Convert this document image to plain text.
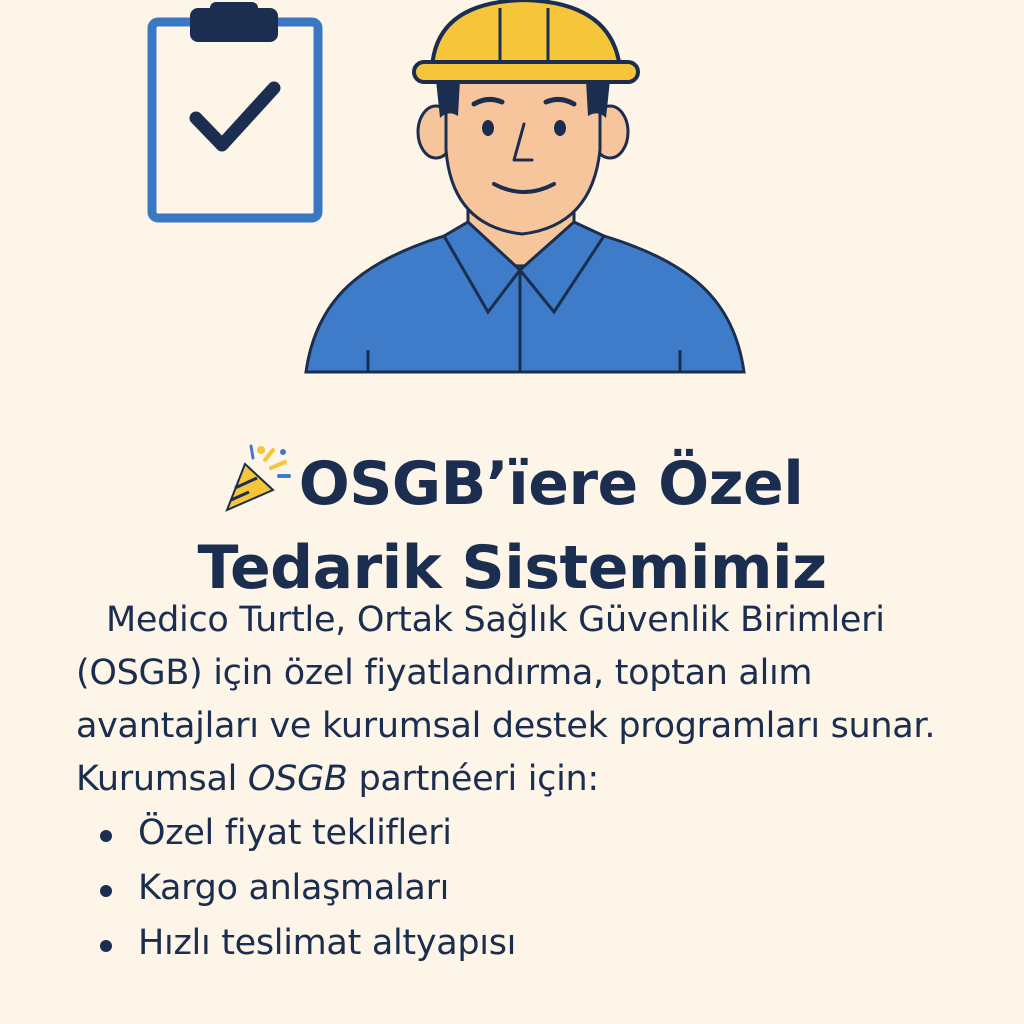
OSGB’ïere Özel
Tedarik Sistemimiz

Medico Turtle, Ortak Sağlık Güvenlik Birimleri (OSGB) için özel fiyatlandırma, toptan alım avantajları ve kurumsal destek programları sunar.

Kurumsal OSGB partnéeri için:

Özel fiyat teklifleri
Kargo anlaşmaları
Hızlı teslimat altyapısı
